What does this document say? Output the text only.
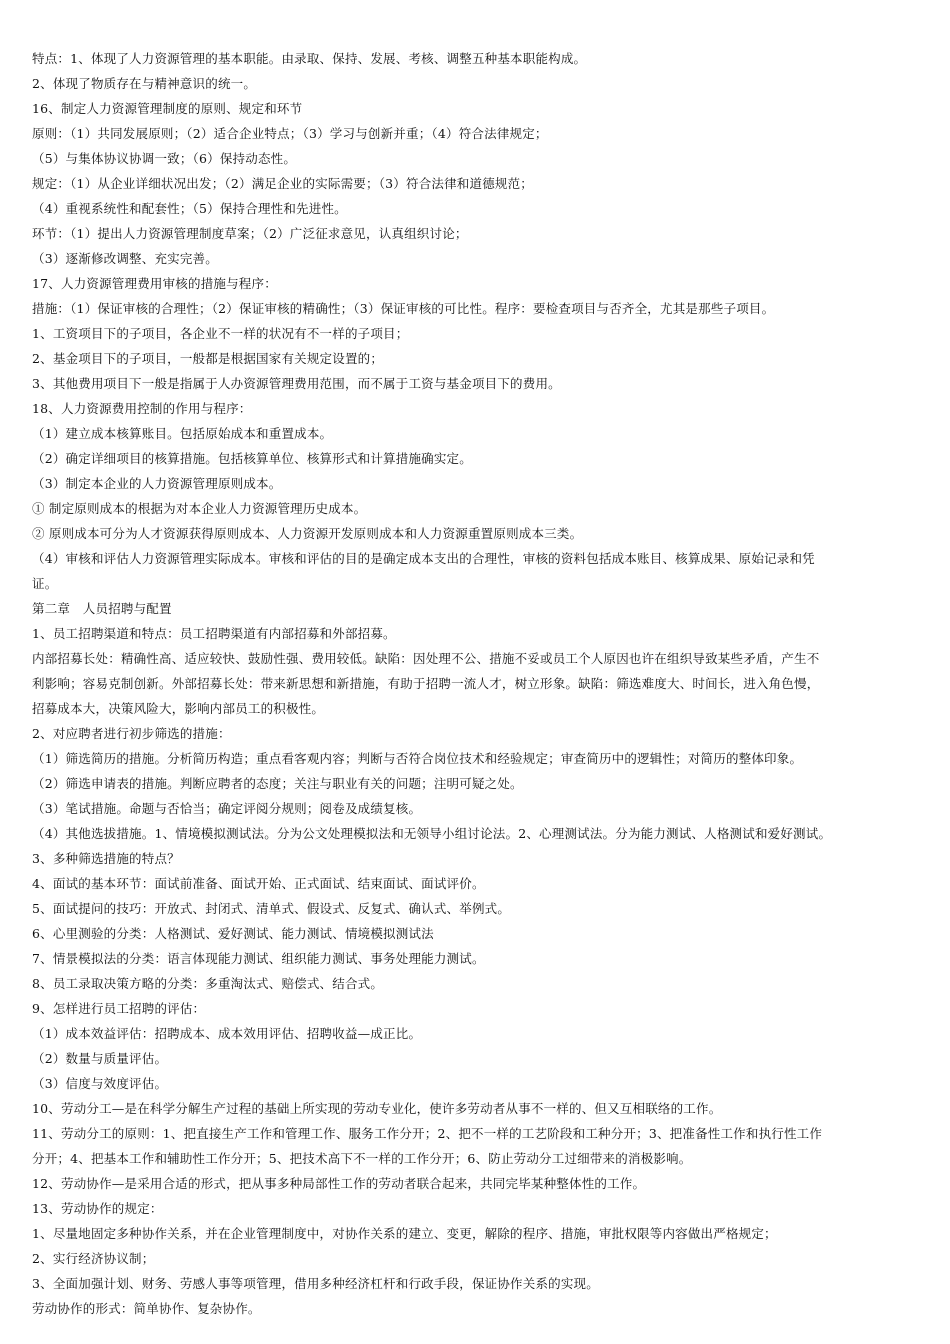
特点：1、体现了人力资源管理的基本职能。由录取、保持、发展、考核、调整五种基本职能构成。
2、体现了物质存在与精神意识的统一。
16、制定人力资源管理制度的原则、规定和环节
原则：（1）共同发展原则；（2）适合企业特点；（3）学习与创新并重；（4）符合法律规定；
（5）与集体协议协调一致；（6）保持动态性。
规定：（1）从企业详细状况出发；（2）满足企业的实际需要；（3）符合法律和道德规范；
（4）重视系统性和配套性；（5）保持合理性和先进性。
环节：（1）提出人力资源管理制度草案；（2）广泛征求意见，认真组织讨论；
（3）逐渐修改调整、充实完善。
17、人力资源管理费用审核的措施与程序：
措施：（1）保证审核的合理性；（2）保证审核的精确性；（3）保证审核的可比性。程序：要检查项目与否齐全，尤其是那些子项目。
1、工资项目下的子项目，各企业不一样的状况有不一样的子项目；
2、基金项目下的子项目，一般都是根据国家有关规定设置的；
3、其他费用项目下一般是指属于人办资源管理费用范围，而不属于工资与基金项目下的费用。
18、人力资源费用控制的作用与程序：
（1）建立成本核算账目。包括原始成本和重置成本。
（2）确定详细项目的核算措施。包括核算单位、核算形式和计算措施确实定。
（3）制定本企业的人力资源管理原则成本。
① 制定原则成本的根据为对本企业人力资源管理历史成本。
② 原则成本可分为人才资源获得原则成本、人力资源开发原则成本和人力资源重置原则成本三类。
（4）审核和评估人力资源管理实际成本。审核和评估的目的是确定成本支出的合理性，审核的资料包括成本账目、核算成果、原始记录和凭
证。
第二章　人员招聘与配置
1、员工招聘渠道和特点：员工招聘渠道有内部招募和外部招募。
内部招募长处：精确性高、适应较快、鼓励性强、费用较低。缺陷：因处理不公、措施不妥或员工个人原因也许在组织导致某些矛盾，产生不
利影响；容易克制创新。外部招募长处：带来新思想和新措施，有助于招聘一流人才，树立形象。缺陷：筛选难度大、时间长，进入角色慢，
招募成本大，决策风险大，影响内部员工的积极性。
2、对应聘者进行初步筛选的措施：
（1）筛选简历的措施。分析简历构造；重点看客观内容；判断与否符合岗位技术和经验规定；审查简历中的逻辑性；对简历的整体印象。
（2）筛选申请表的措施。判断应聘者的态度；关注与职业有关的问题；注明可疑之处。
（3）笔试措施。命题与否恰当；确定评阅分规则；阅卷及成绩复核。
（4）其他选拔措施。1、情境模拟测试法。分为公文处理模拟法和无领导小组讨论法。2、心理测试法。分为能力测试、人格测试和爱好测试。
3、多种筛选措施的特点？
4、面试的基本环节：面试前准备、面试开始、正式面试、结束面试、面试评价。
5、面试提问的技巧：开放式、封闭式、清单式、假设式、反复式、确认式、举例式。
6、心里测验的分类：人格测试、爱好测试、能力测试、情境模拟测试法
7、情景模拟法的分类：语言体现能力测试、组织能力测试、事务处理能力测试。
8、员工录取决策方略的分类：多重淘汰式、赔偿式、结合式。
9、怎样进行员工招聘的评估：
（1）成本效益评估：招聘成本、成本效用评估、招聘收益—成正比。
（2）数量与质量评估。
（3）信度与效度评估。
10、劳动分工—是在科学分解生产过程的基础上所实现的劳动专业化，使许多劳动者从事不一样的、但又互相联络的工作。
11、劳动分工的原则：1、把直接生产工作和管理工作、服务工作分开；2、把不一样的工艺阶段和工种分开；3、把准备性工作和执行性工作
分开；4、把基本工作和辅助性工作分开；5、把技术高下不一样的工作分开；6、防止劳动分工过细带来的消极影响。
12、劳动协作—是采用合适的形式，把从事多种局部性工作的劳动者联合起来，共同完毕某种整体性的工作。
13、劳动协作的规定：
1、尽量地固定多种协作关系，并在企业管理制度中，对协作关系的建立、变更，解除的程序、措施，审批权限等内容做出严格规定；
2、实行经济协议制；
3、全面加强计划、财务、劳感人事等项管理，借用多种经济杠杆和行政手段，保证协作关系的实现。
劳动协作的形式：简单协作、复杂协作。
